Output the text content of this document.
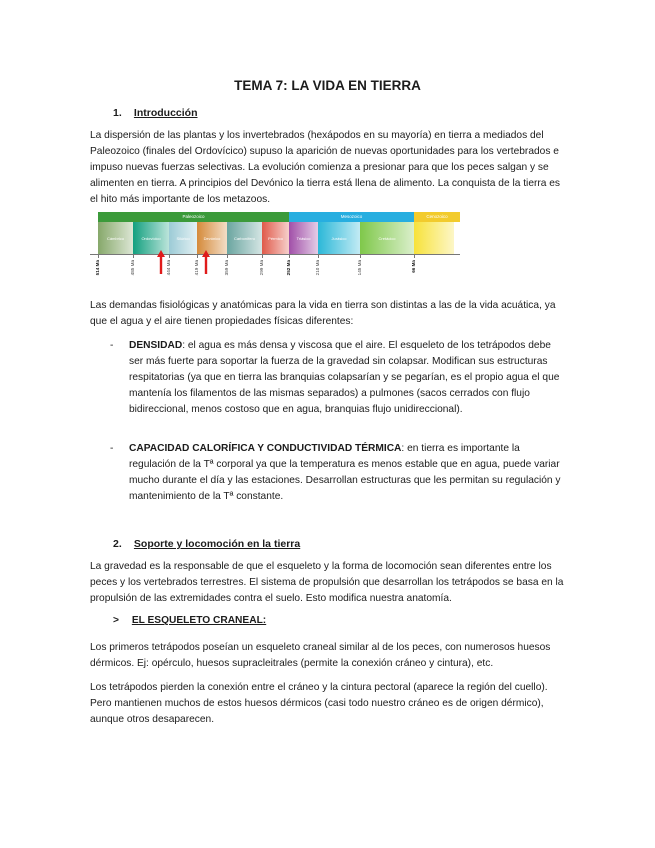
TEMA 7: LA VIDA EN TIERRA
1. Introducción

La dispersión de las plantas y los invertebrados (hexápodos en su mayoría) en tierra a mediados del Paleozoico (finales del Ordovícico) supuso la aparición de nuevas oportunidades para los vertebrados e impuso nuevas fuerzas selectivas. La evolución comienza a presionar para que los peces salgan y se alimenten en tierra. A principios del Devónico la tierra está llena de alimento. La conquista de la tierra es el hito más importante de los metazoos.

Paleozoico	Mesozoico	Cenozoico
Cámbrico	Ordovícico	Silúrico	Devónico	Carbonífero	Pérmico	Triásico	Jurásico	Cretácico
514 Ma	485 Ma	444 Ma	419 Ma	359 Ma	299 Ma	252 Ma	210 Ma	145 Ma	66 Ma

Las demandas fisiológicas y anatómicas para la vida en tierra son distintas a las de la vida acuática, ya que el agua y el aire tienen propiedades físicas diferentes:

- DENSIDAD: el agua es más densa y viscosa que el aire. El esqueleto de los tetrápodos debe ser más fuerte para soportar la fuerza de la gravedad sin colapsar. Modifican sus estructuras respitatorias (ya que en tierra las branquias colapsarían y se pegarían, es el propio agua el que mantenía los filamentos de las mismas separados) a pulmones (sacos cerrados con flujo bidireccional, menos costoso que en agua, branquias flujo unidireccional).
- CAPACIDAD CALORÍFICA Y CONDUCTIVIDAD TÉRMICA: en tierra es importante la regulación de la Tª corporal ya que la temperatura es menos estable que en agua, puede variar mucho durante el día y las estaciones. Desarrollan estructuras que les permitan su regulación y mantenimiento de la Tª constante.
2. Soporte y locomoción en la tierra

La gravedad es la responsable de que el esqueleto y la forma de locomoción sean diferentes entre los peces y los vertebrados terrestres. El sistema de propulsión que desarrollan los tetrápodos se basa en la propulsión de las extremidades contra el suelo. Esto modifica nuestra anatomía.

> EL ESQUELETO CRANEAL:

Los primeros tetrápodos poseían un esqueleto craneal similar al de los peces, con numerosos huesos dérmicos. Ej: opérculo, huesos supracleitrales (permite la conexión cráneo y cintura), etc.

Los tetrápodos pierden la conexión entre el cráneo y la cintura pectoral (aparece la región del cuello). Pero mantienen muchos de estos huesos dérmicos (casi todo nuestro cráneo es de origen dérmico), aunque otros desaparecen.
